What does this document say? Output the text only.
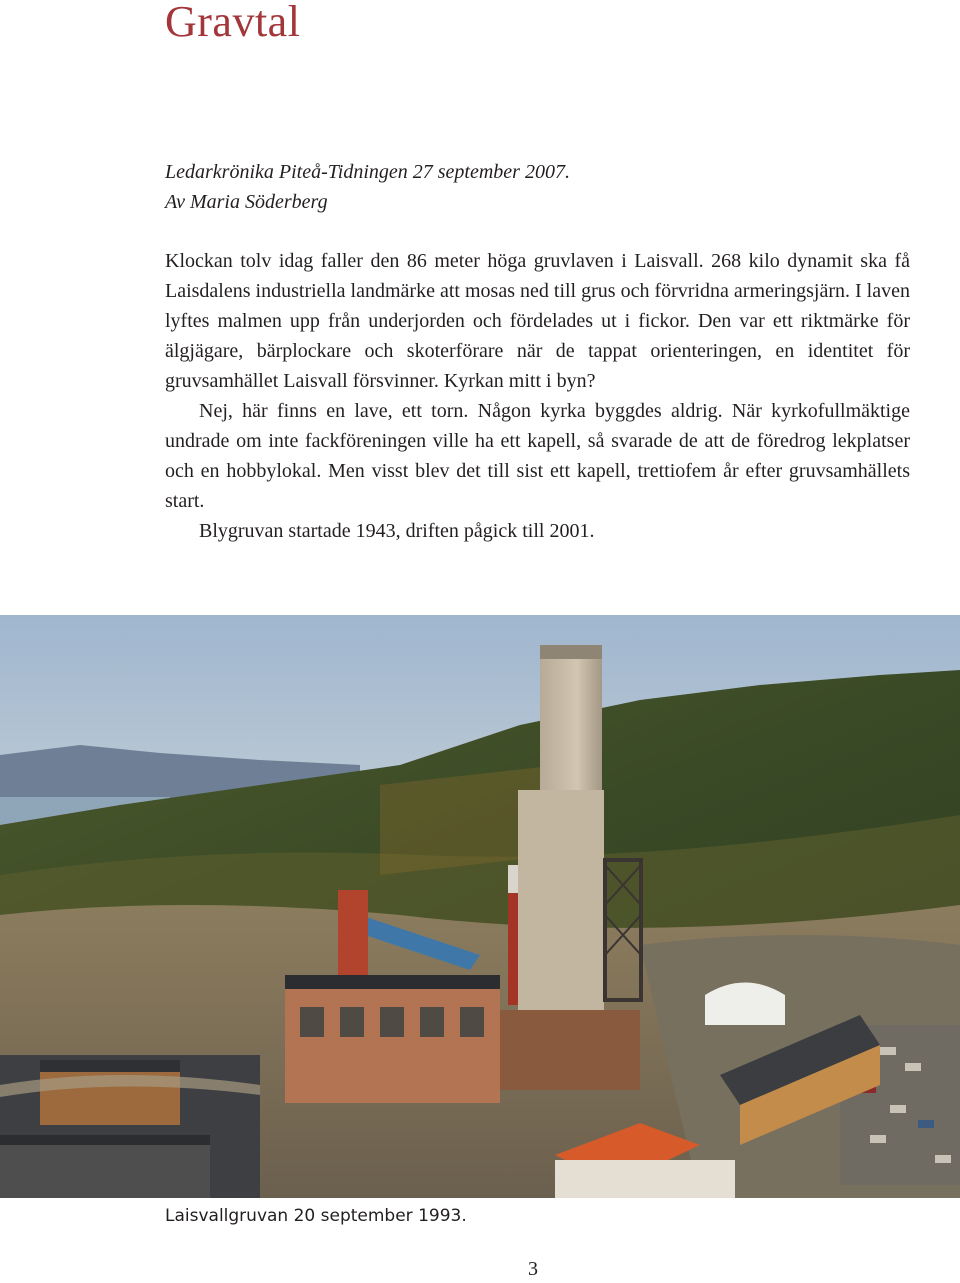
Gravtal
Ledarkrönika Piteå-Tidningen 27 september 2007.
Av Maria Söderberg

Klockan tolv idag faller den 86 meter höga gruvlaven i Laisvall. 268 kilo dynamit ska få Laisdalens industriella landmärke att mosas ned till grus och förvridna armeringsjärn. I laven lyftes malmen upp från underjorden och fördelades ut i fickor. Den var ett riktmärke för älgjägare, bärplockare och skoterförare när de tappat orienteringen, en identitet för gruvsamhället Laisvall försvinner. Kyrkan mitt i byn?

Nej, här finns en lave, ett torn. Någon kyrka byggdes aldrig. När kyrkofullmäktige undrade om inte fackföreningen ville ha ett kapell, så svarade de att de föredrog lekplatser och en hobbylokal. Men visst blev det till sist ett kapell, trettiofem år efter gruvsamhällets start.

Blygruvan startade 1943, driften pågick till 2001.

Laisvallgruvan 20 september 1993.
3
